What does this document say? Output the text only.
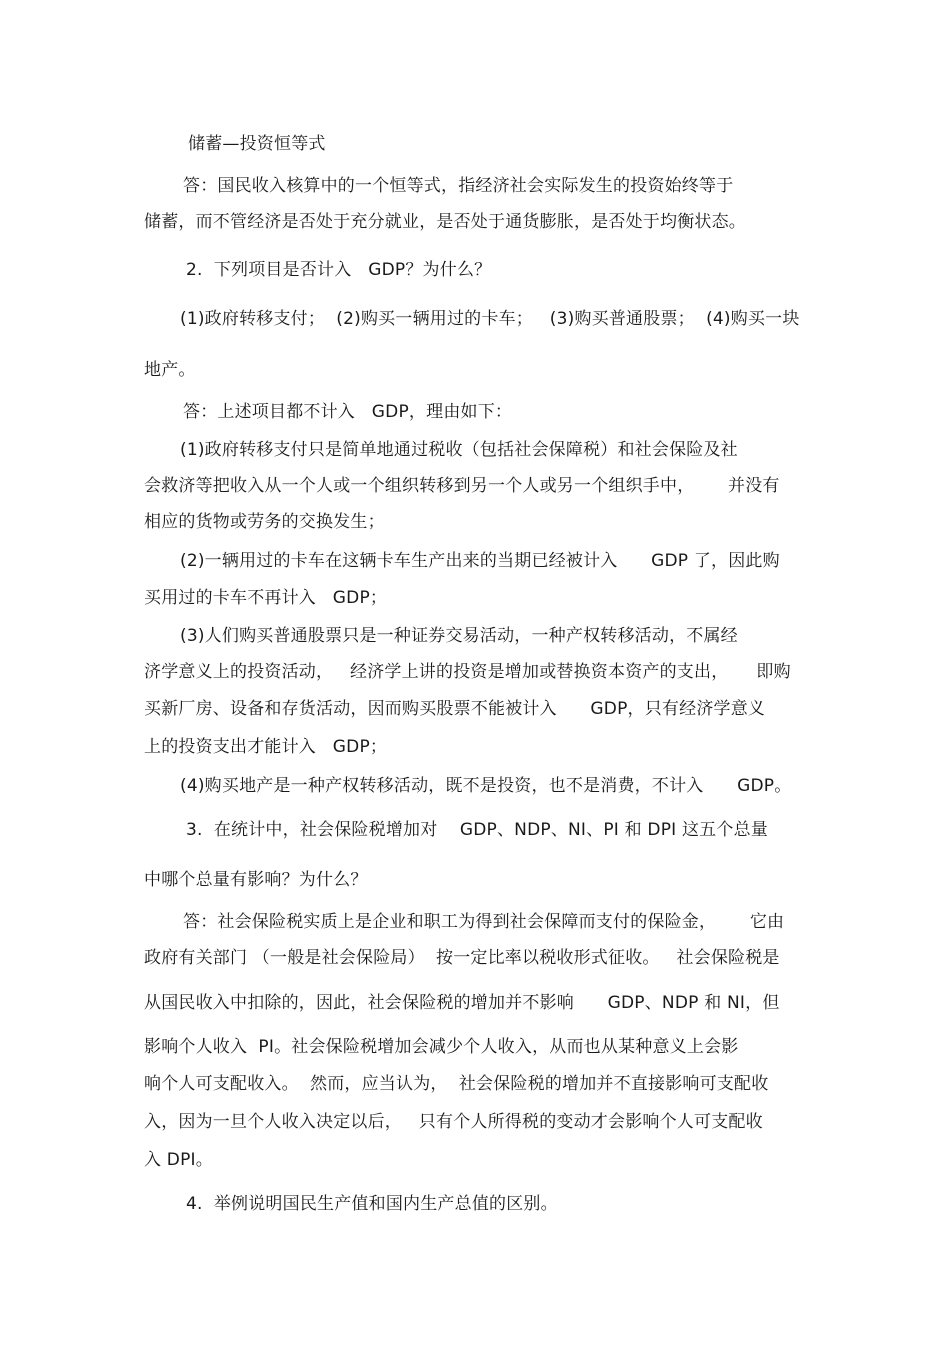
储蓄—投资恒等式
答：国民收入核算中的一个恒等式，指经济社会实际发生的投资始终等于
储蓄，而不管经济是否处于充分就业，是否处于通货膨胀，是否处于均衡状态。
2.  下列项目是否计入   GDP？为什么？
(1)政府转移支付；  (2)购买一辆用过的卡车；   (3)购买普通股票；  (4)购买一块
地产。
答：上述项目都不计入   GDP，理由如下：
(1)政府转移支付只是简单地通过税收（包括社会保障税）和社会保险及社
会救济等把收入从一个人或一个组织转移到另一个人或另一个组织手中，      并没有
相应的货物或劳务的交换发生；
(2)一辆用过的卡车在这辆卡车生产出来的当期已经被计入      GDP 了，因此购
买用过的卡车不再计入   GDP；
(3)人们购买普通股票只是一种证券交易活动，一种产权转移活动，不属经
济学意义上的投资活动，   经济学上讲的投资是增加或替换资本资产的支出，     即购
买新厂房、设备和存货活动，因而购买股票不能被计入      GDP，只有经济学意义
上的投资支出才能计入   GDP；
(4)购买地产是一种产权转移活动，既不是投资，也不是消费，不计入      GDP。
3.  在统计中，社会保险税增加对    GDP、NDP、NI、PI 和 DPI 这五个总量
中哪个总量有影响？为什么？
答：社会保险税实质上是企业和职工为得到社会保障而支付的保险金，      它由
政府有关部门 （一般是社会保险局）  按一定比率以税收形式征收。   社会保险税是
从国民收入中扣除的，因此，社会保险税的增加并不影响      GDP、NDP 和 NI，但
影响个人收入  PI。社会保险税增加会减少个人收入，从而也从某种意义上会影
响个人可支配收入。  然而，应当认为，  社会保险税的增加并不直接影响可支配收
入，因为一旦个人收入决定以后，   只有个人所得税的变动才会影响个人可支配收
入 DPI。
4.  举例说明国民生产值和国内生产总值的区别。
